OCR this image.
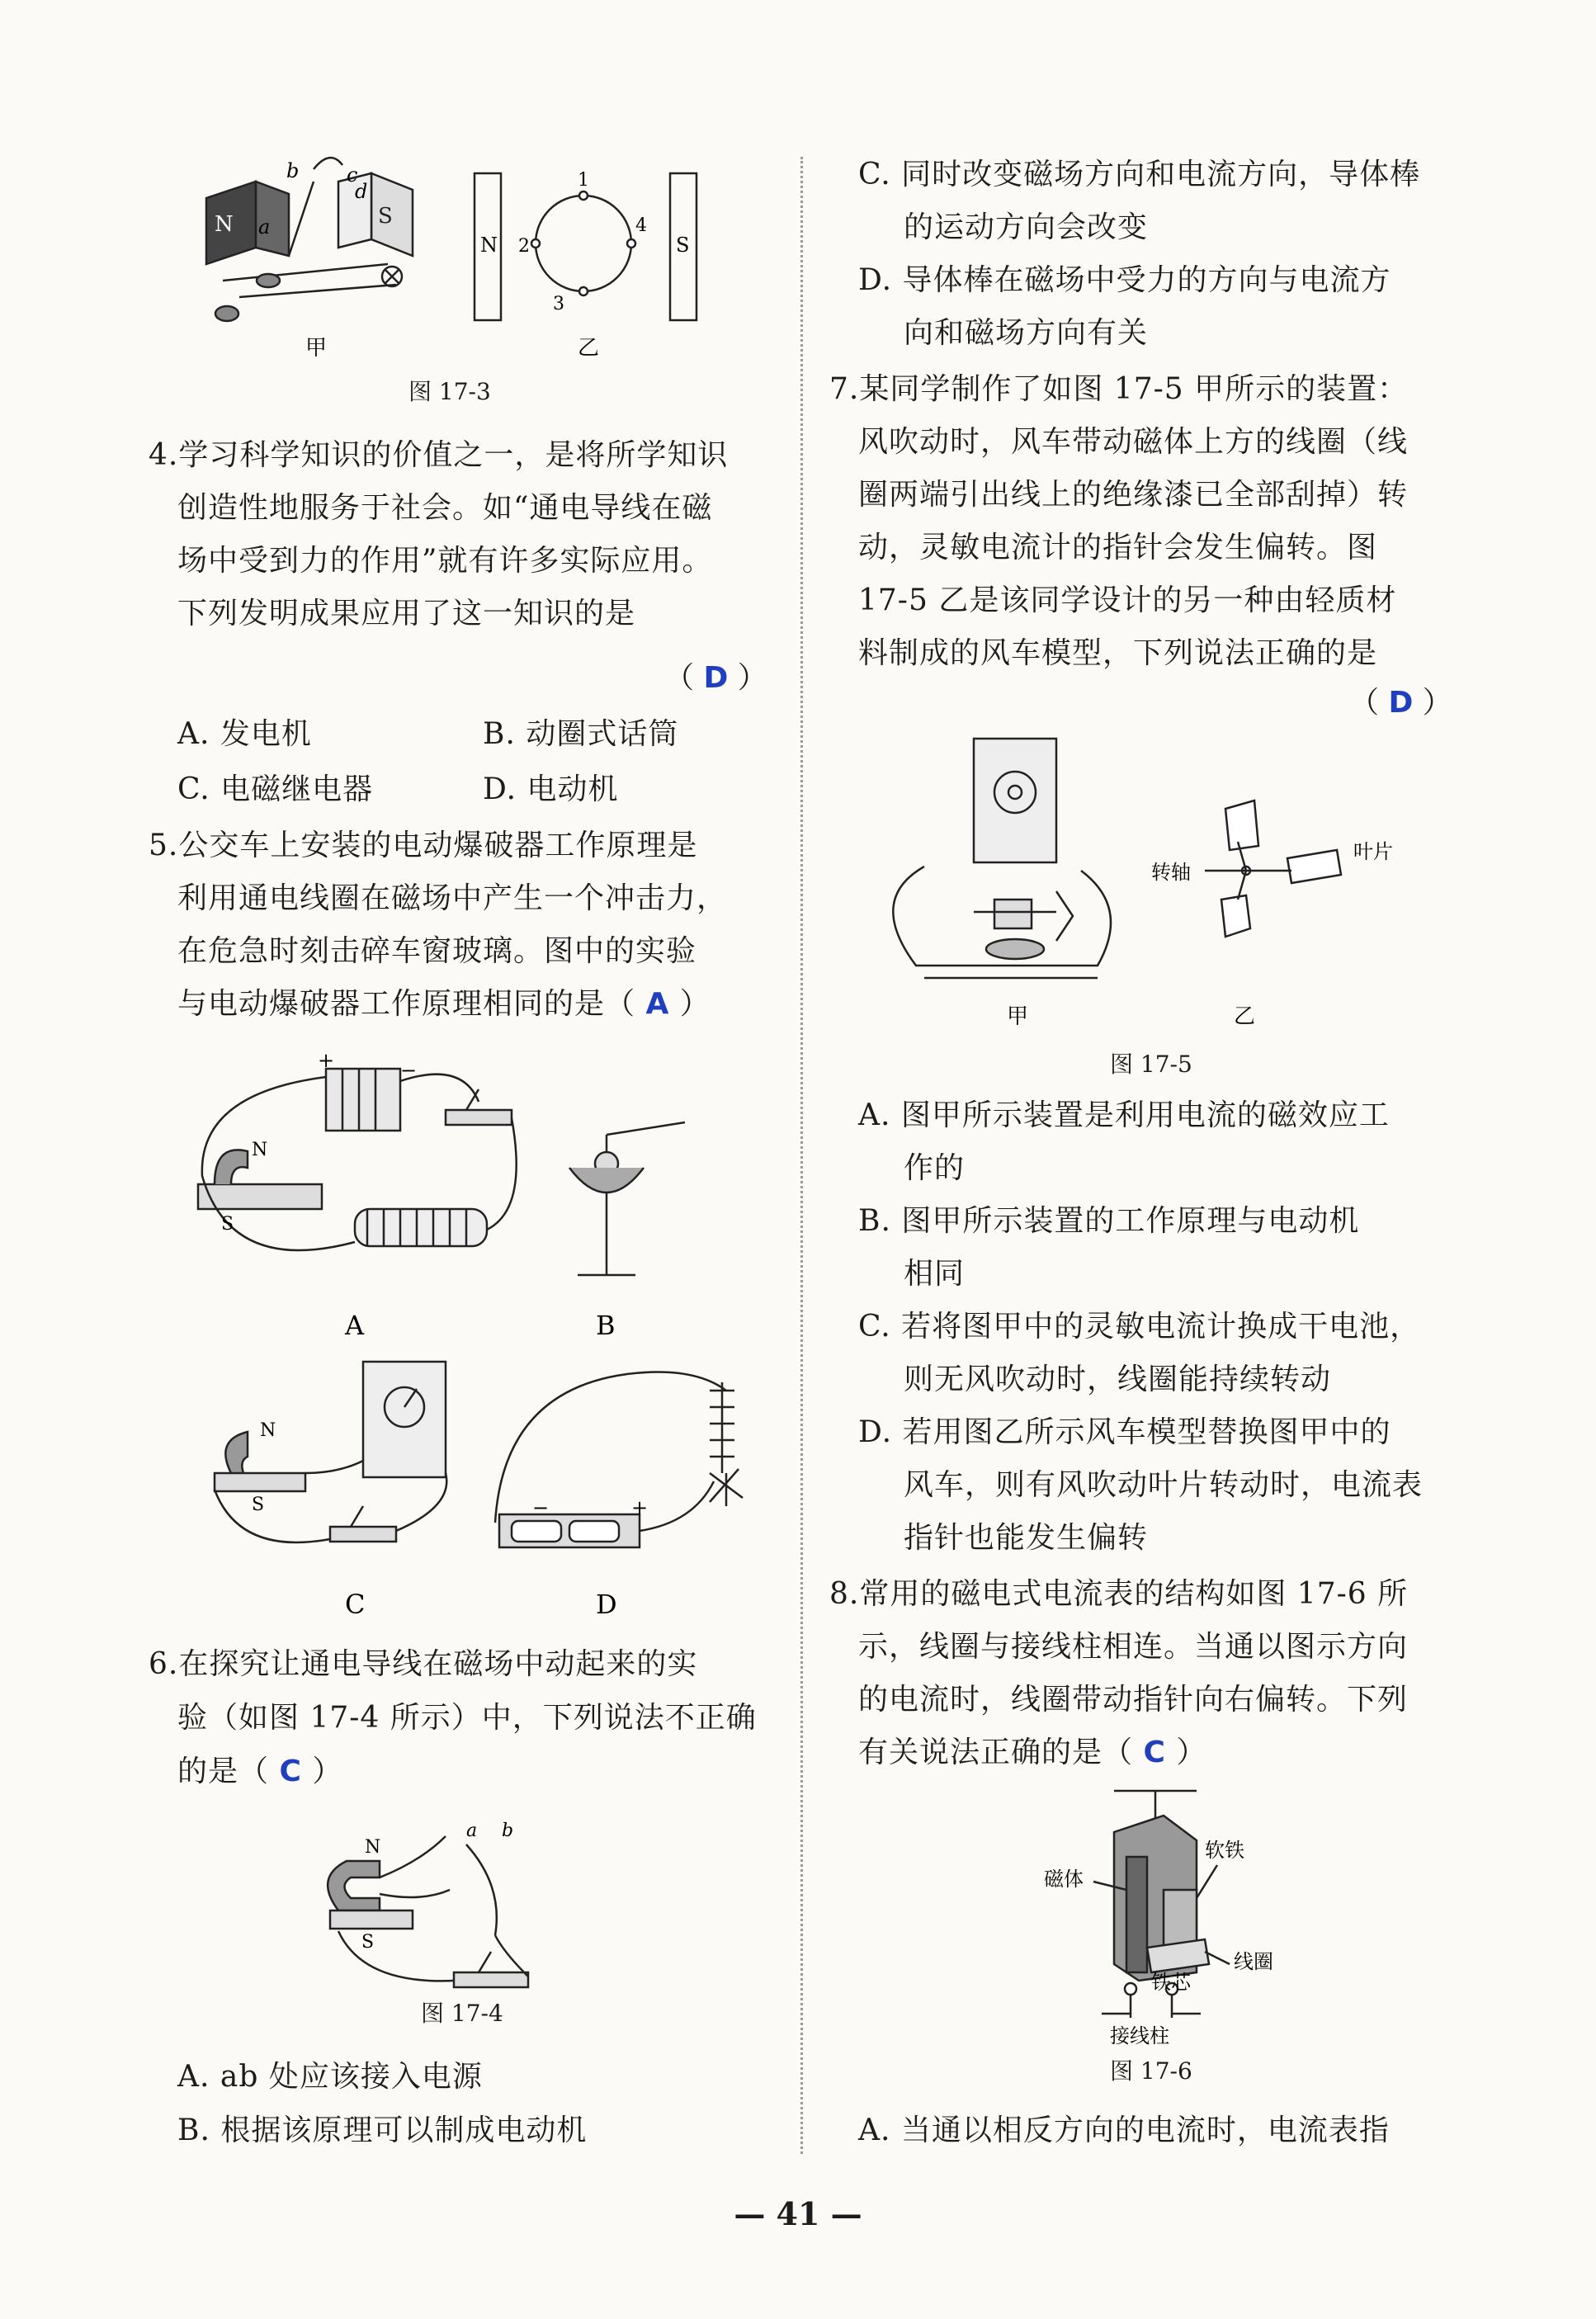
N	S
a
b c
d
N	S
1
2
3
4
甲	乙
图 17-3
4.学习科学知识的价值之一，是将所学知识
创造性地服务于社会。如“通电导线在磁
场中受到力的作用”就有许多实际应用。
下列发明成果应用了这一知识的是
（ D ）
A. 发电机	B. 动圈式话筒
C. 电磁继电器	D. 电动机
5.公交车上安装的电动爆破器工作原理是
利用通电线圈在磁场中产生一个冲击力，
在危急时刻击碎车窗玻璃。图中的实验
与电动爆破器工作原理相同的是（ A ）
+	−
N
S
N
S	−	+
A	B
C	D
6.在探究让通电导线在磁场中动起来的实
验（如图 17-4 所示）中，下列说法不正确
的是（ C ）
N
S
a b
图 17-4
A. ab 处应该接入电源
B. 根据该原理可以制成电动机
C. 同时改变磁场方向和电流方向，导体棒
的运动方向会改变
D. 导体棒在磁场中受力的方向与电流方
向和磁场方向有关
7.某同学制作了如图 17-5 甲所示的装置：
风吹动时，风车带动磁体上方的线圈（线
圈两端引出线上的绝缘漆已全部刮掉）转
动，灵敏电流计的指针会发生偏转。图
17-5 乙是该同学设计的另一种由轻质材
料制成的风车模型，下列说法正确的是
（ D ）
转轴
叶片
甲	乙
图 17-5
A. 图甲所示装置是利用电流的磁效应工
作的
B. 图甲所示装置的工作原理与电动机
相同
C. 若将图甲中的灵敏电流计换成干电池，
则无风吹动时，线圈能持续转动
D. 若用图乙所示风车模型替换图甲中的
风车，则有风吹动叶片转动时，电流表
指针也能发生偏转
8.常用的磁电式电流表的结构如图 17-6 所
示，线圈与接线柱相连。当通以图示方向
的电流时，线圈带动指针向右偏转。下列
有关说法正确的是（ C ）
磁体
软铁
线圈
铁芯
接线柱
图 17-6
A. 当通以相反方向的电流时，电流表指
— 41 —
